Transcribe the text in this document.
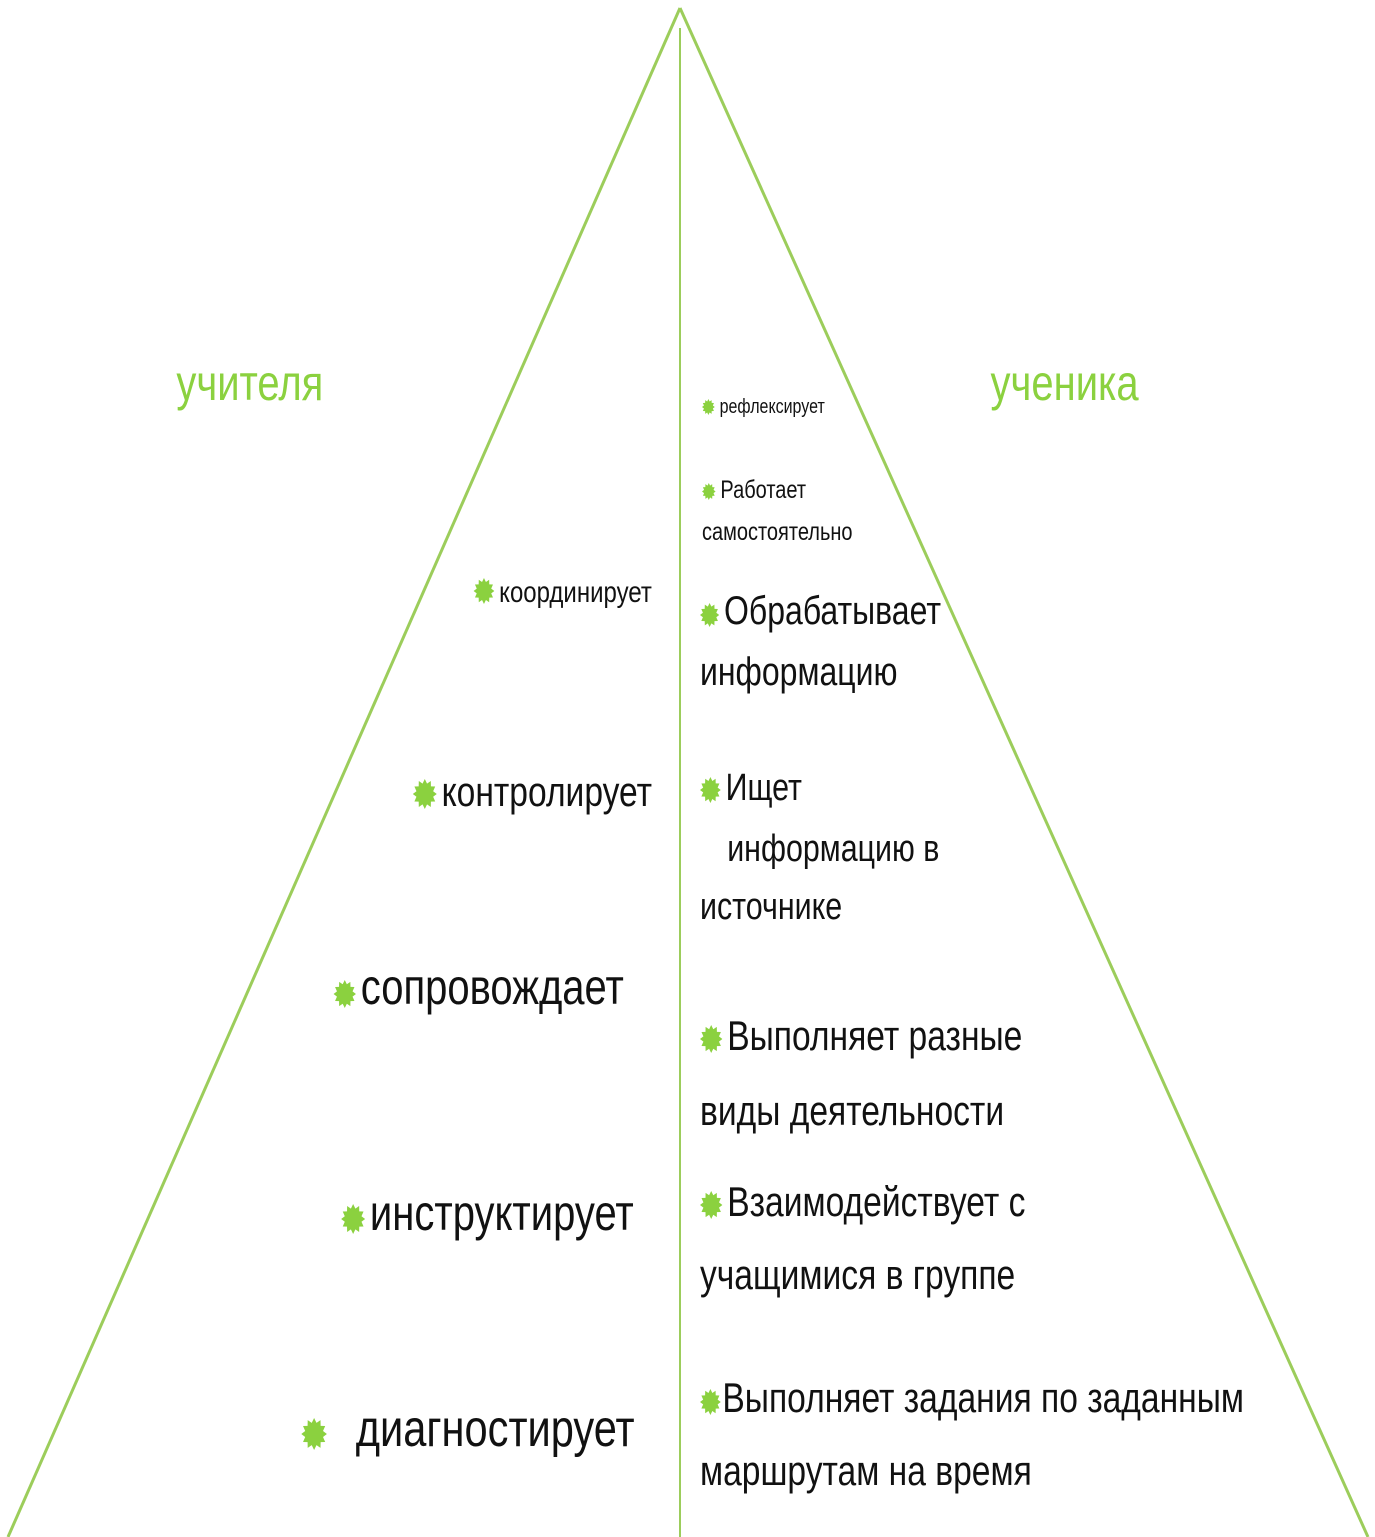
учителя	ученика
координирует
контролирует
сопровождает
инструктирует
диагностирует
рефлексирует
Работает
самостоятельно
Обрабатывает
информацию
Ищет
информацию в
источнике
Выполняет разные
виды деятельности
Взаимодействует с
учащимися в группе
Выполняет задания по заданным
маршрутам на время
